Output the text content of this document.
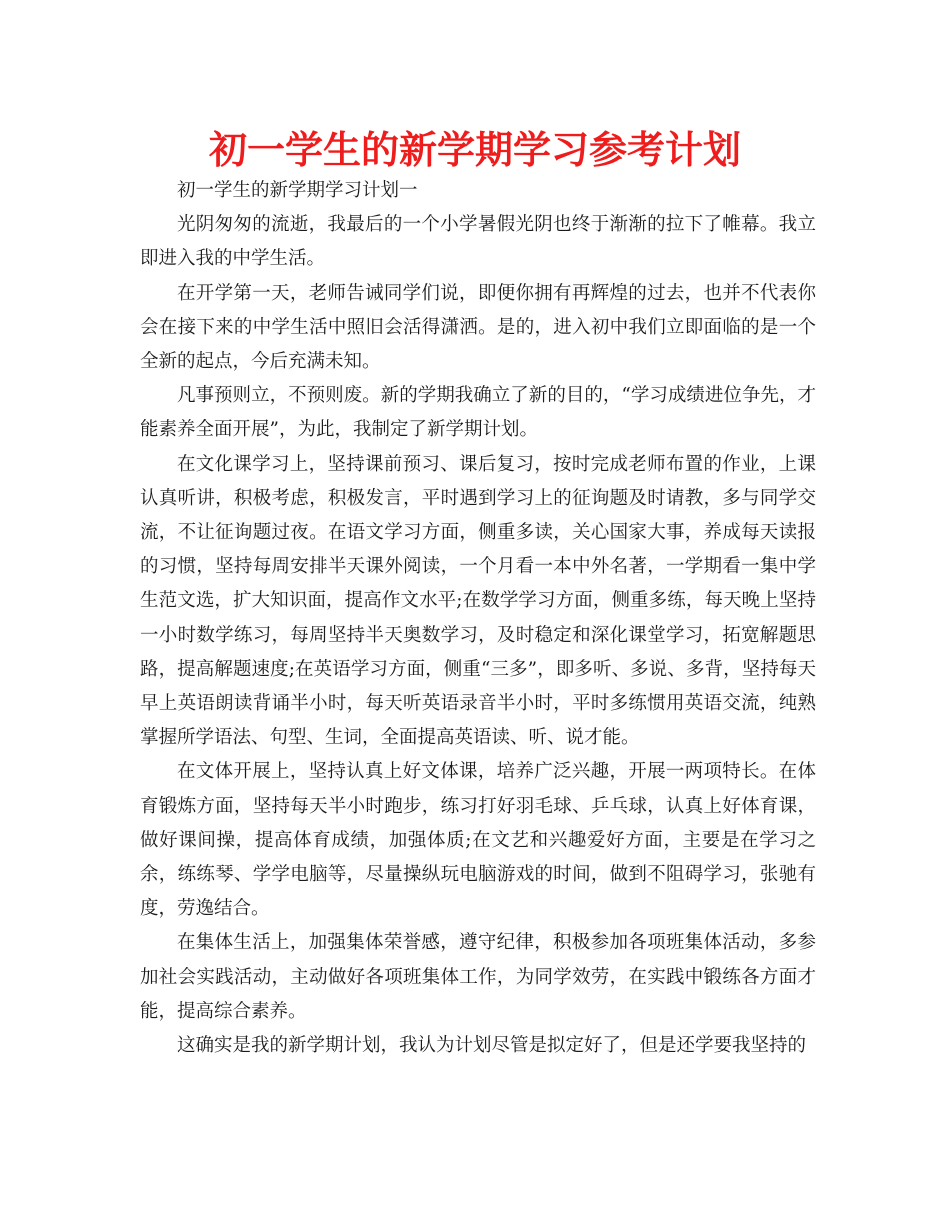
初一学生的新学期学习参考计划

初一学生的新学期学习计划一

光阴匆匆的流逝，我最后的一个小学暑假光阴也终于渐渐的拉下了帷幕。我立即进入我的中学生活。

在开学第一天，老师告诫同学们说，即便你拥有再辉煌的过去，也并不代表你会在接下来的中学生活中照旧会活得潇洒。是的，进入初中我们立即面临的是一个全新的起点，今后充满未知。

凡事预则立，不预则废。新的学期我确立了新的目的，“学习成绩进位争先，才能素养全面开展”，为此，我制定了新学期计划。

在文化课学习上，坚持课前预习、课后复习，按时完成老师布置的作业，上课认真听讲，积极考虑，积极发言，平时遇到学习上的征询题及时请教，多与同学交流，不让征询题过夜。在语文学习方面，侧重多读，关心国家大事，养成每天读报的习惯，坚持每周安排半天课外阅读，一个月看一本中外名著，一学期看一集中学生范文选，扩大知识面，提高作文水平;在数学学习方面，侧重多练，每天晚上坚持一小时数学练习，每周坚持半天奥数学习，及时稳定和深化课堂学习，拓宽解题思路，提高解题速度;在英语学习方面，侧重“三多”，即多听、多说、多背，坚持每天早上英语朗读背诵半小时，每天听英语录音半小时，平时多练惯用英语交流，纯熟掌握所学语法、句型、生词，全面提高英语读、听、说才能。

在文体开展上，坚持认真上好文体课，培养广泛兴趣，开展一两项特长。在体育锻炼方面，坚持每天半小时跑步，练习打好羽毛球、乒乓球，认真上好体育课，做好课间操，提高体育成绩，加强体质;在文艺和兴趣爱好方面，主要是在学习之余，练练琴、学学电脑等，尽量操纵玩电脑游戏的时间，做到不阻碍学习，张驰有度，劳逸结合。

在集体生活上，加强集体荣誉感，遵守纪律，积极参加各项班集体活动，多参加社会实践活动，主动做好各项班集体工作，为同学效劳，在实践中锻练各方面才能，提高综合素养。

这确实是我的新学期计划，我认为计划尽管是拟定好了，但是还学要我坚持的
